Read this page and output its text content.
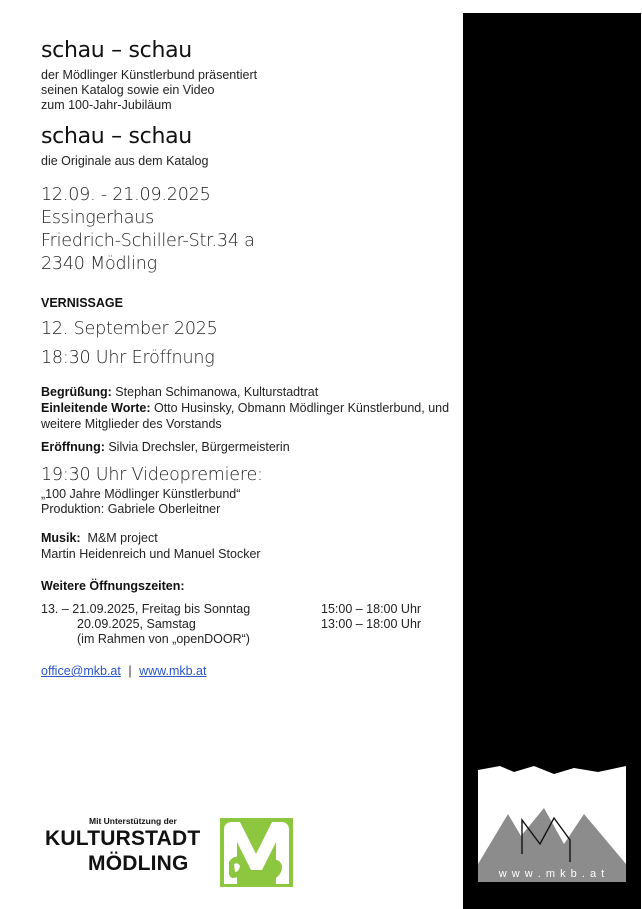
schau – schau
der Mödlinger Künstlerbund präsentiert
seinen Katalog sowie ein Video
zum 100-Jahr-Jubiläum
schau – schau
die Originale aus dem Katalog
12.09. - 21.09.2025
Essingerhaus
Friedrich-Schiller-Str.34 a
2340 Mödling
VERNISSAGE
12. September 2025
18:30 Uhr Eröffnung
Begrüßung: Stephan Schimanowa, Kulturstadtrat
Einleitende Worte: Otto Husinsky, Obmann Mödlinger Künstlerbund, und weitere Mitglieder des Vorstands
Eröffnung: Silvia Drechsler, Bürgermeisterin
19:30 Uhr Videopremiere:
„100 Jahre Mödlinger Künstlerbund“
Produktion: Gabriele Oberleitner
Musik:  M&M project
Martin Heidenreich und Manuel Stocker
Weitere Öffnungszeiten:
13. – 21.09.2025, Freitag bis Sonntag	15:00 – 18:00 Uhr
20.09.2025, Samstag	13:00 – 18:00 Uhr
(im Rahmen von „openDOOR“)
office@mkb.at | www.mkb.at
Mit Unterstützung der
KULTURSTADT
MÖDLING	w w w . m k b . a t
